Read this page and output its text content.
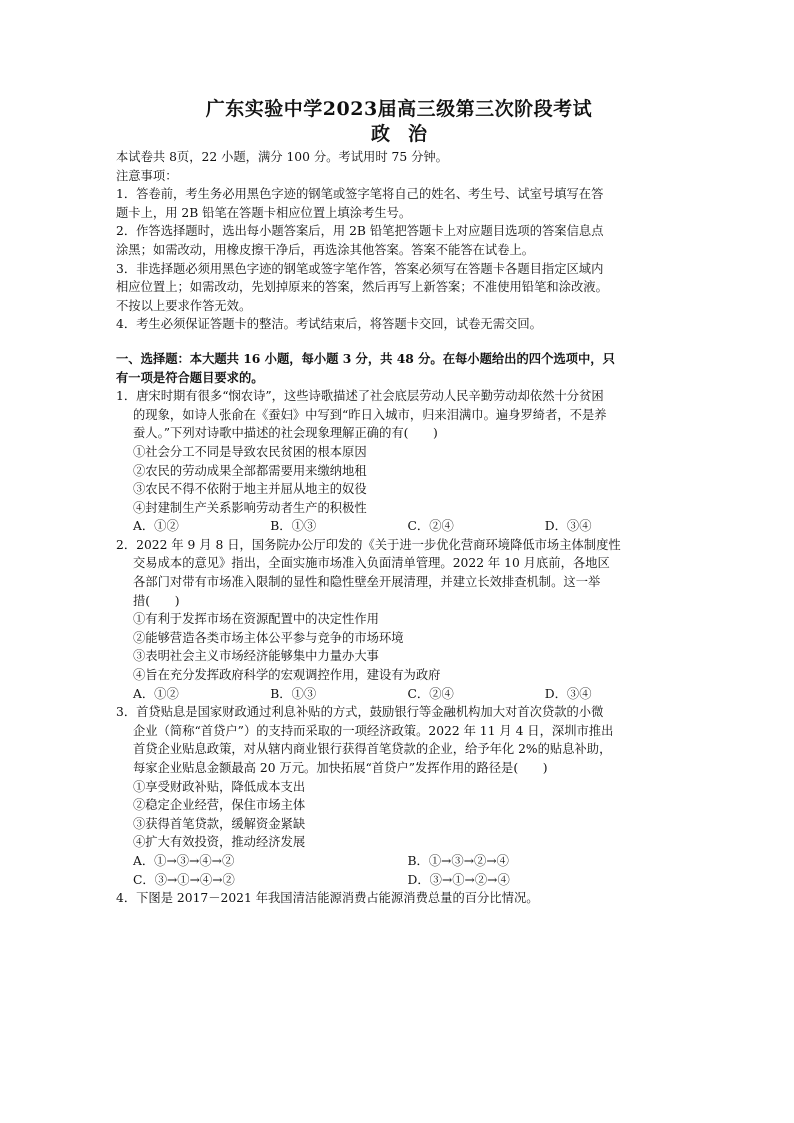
广东实验中学2023届高三级第三次阶段考试

政治

本试卷共 8页，22 小题，满分 100 分。考试用时 75 分钟。

注意事项：

1．答卷前，考生务必用黑色字迹的钢笔或签字笔将自己的姓名、考生号、试室号填写在答

题卡上，用 2B 铅笔在答题卡相应位置上填涂考生号。

2．作答选择题时，选出每小题答案后，用 2B 铅笔把答题卡上对应题目选项的答案信息点

涂黑；如需改动，用橡皮擦干净后，再选涂其他答案。答案不能答在试卷上。

3．非选择题必须用黑色字迹的钢笔或签字笔作答，答案必须写在答题卡各题目指定区域内

相应位置上；如需改动，先划掉原来的答案，然后再写上新答案；不准使用铅笔和涂改液。

不按以上要求作答无效。

4．考生必须保证答题卡的整洁。考试结束后，将答题卡交回，试卷无需交回。

一、选择题：本大题共 16 小题，每小题 3 分，共 48 分。在每小题给出的四个选项中，只

有一项是符合题目要求的。

1．唐宋时期有很多“悯农诗”，这些诗歌描述了社会底层劳动人民辛勤劳动却依然十分贫困

的现象，如诗人张俞在《蚕妇》中写到“昨日入城市，归来泪满巾。遍身罗绮者，不是养

蚕人。”下列对诗歌中描述的社会现象理解正确的有(　　)

①社会分工不同是导致农民贫困的根本原因

②农民的劳动成果全部都需要用来缴纳地租

③农民不得不依附于地主并屈从地主的奴役

④封建制生产关系影响劳动者生产的积极性

A．①②	B．①③	C．②④	D．③④

2．2022 年 9 月 8 日，国务院办公厅印发的《关于进一步优化营商环境降低市场主体制度性

交易成本的意见》指出，全面实施市场准入负面清单管理。2022 年 10 月底前，各地区

各部门对带有市场准入限制的显性和隐性壁垒开展清理，并建立长效排查机制。这一举

措(　　)

①有利于发挥市场在资源配置中的决定性作用

②能够营造各类市场主体公平参与竞争的市场环境

③表明社会主义市场经济能够集中力量办大事

④旨在充分发挥政府科学的宏观调控作用，建设有为政府

A．①②	B．①③	C．②④	D．③④

3．首贷贴息是国家财政通过利息补贴的方式，鼓励银行等金融机构加大对首次贷款的小微

企业（简称“首贷户”）的支持而采取的一项经济政策。2022 年 11 月 4 日，深圳市推出

首贷企业贴息政策，对从辖内商业银行获得首笔贷款的企业，给予年化 2%的贴息补助，

每家企业贴息金额最高 20 万元。加快拓展“首贷户”发挥作用的路径是(　　)

①享受财政补贴，降低成本支出

②稳定企业经营，保住市场主体

③获得首笔贷款，缓解资金紧缺

④扩大有效投资，推动经济发展

A．①→③→④→②	B．①→③→②→④
C．③→①→④→②	D．③→①→②→④

4．下图是 2017－2021 年我国清洁能源消费占能源消费总量的百分比情况。
